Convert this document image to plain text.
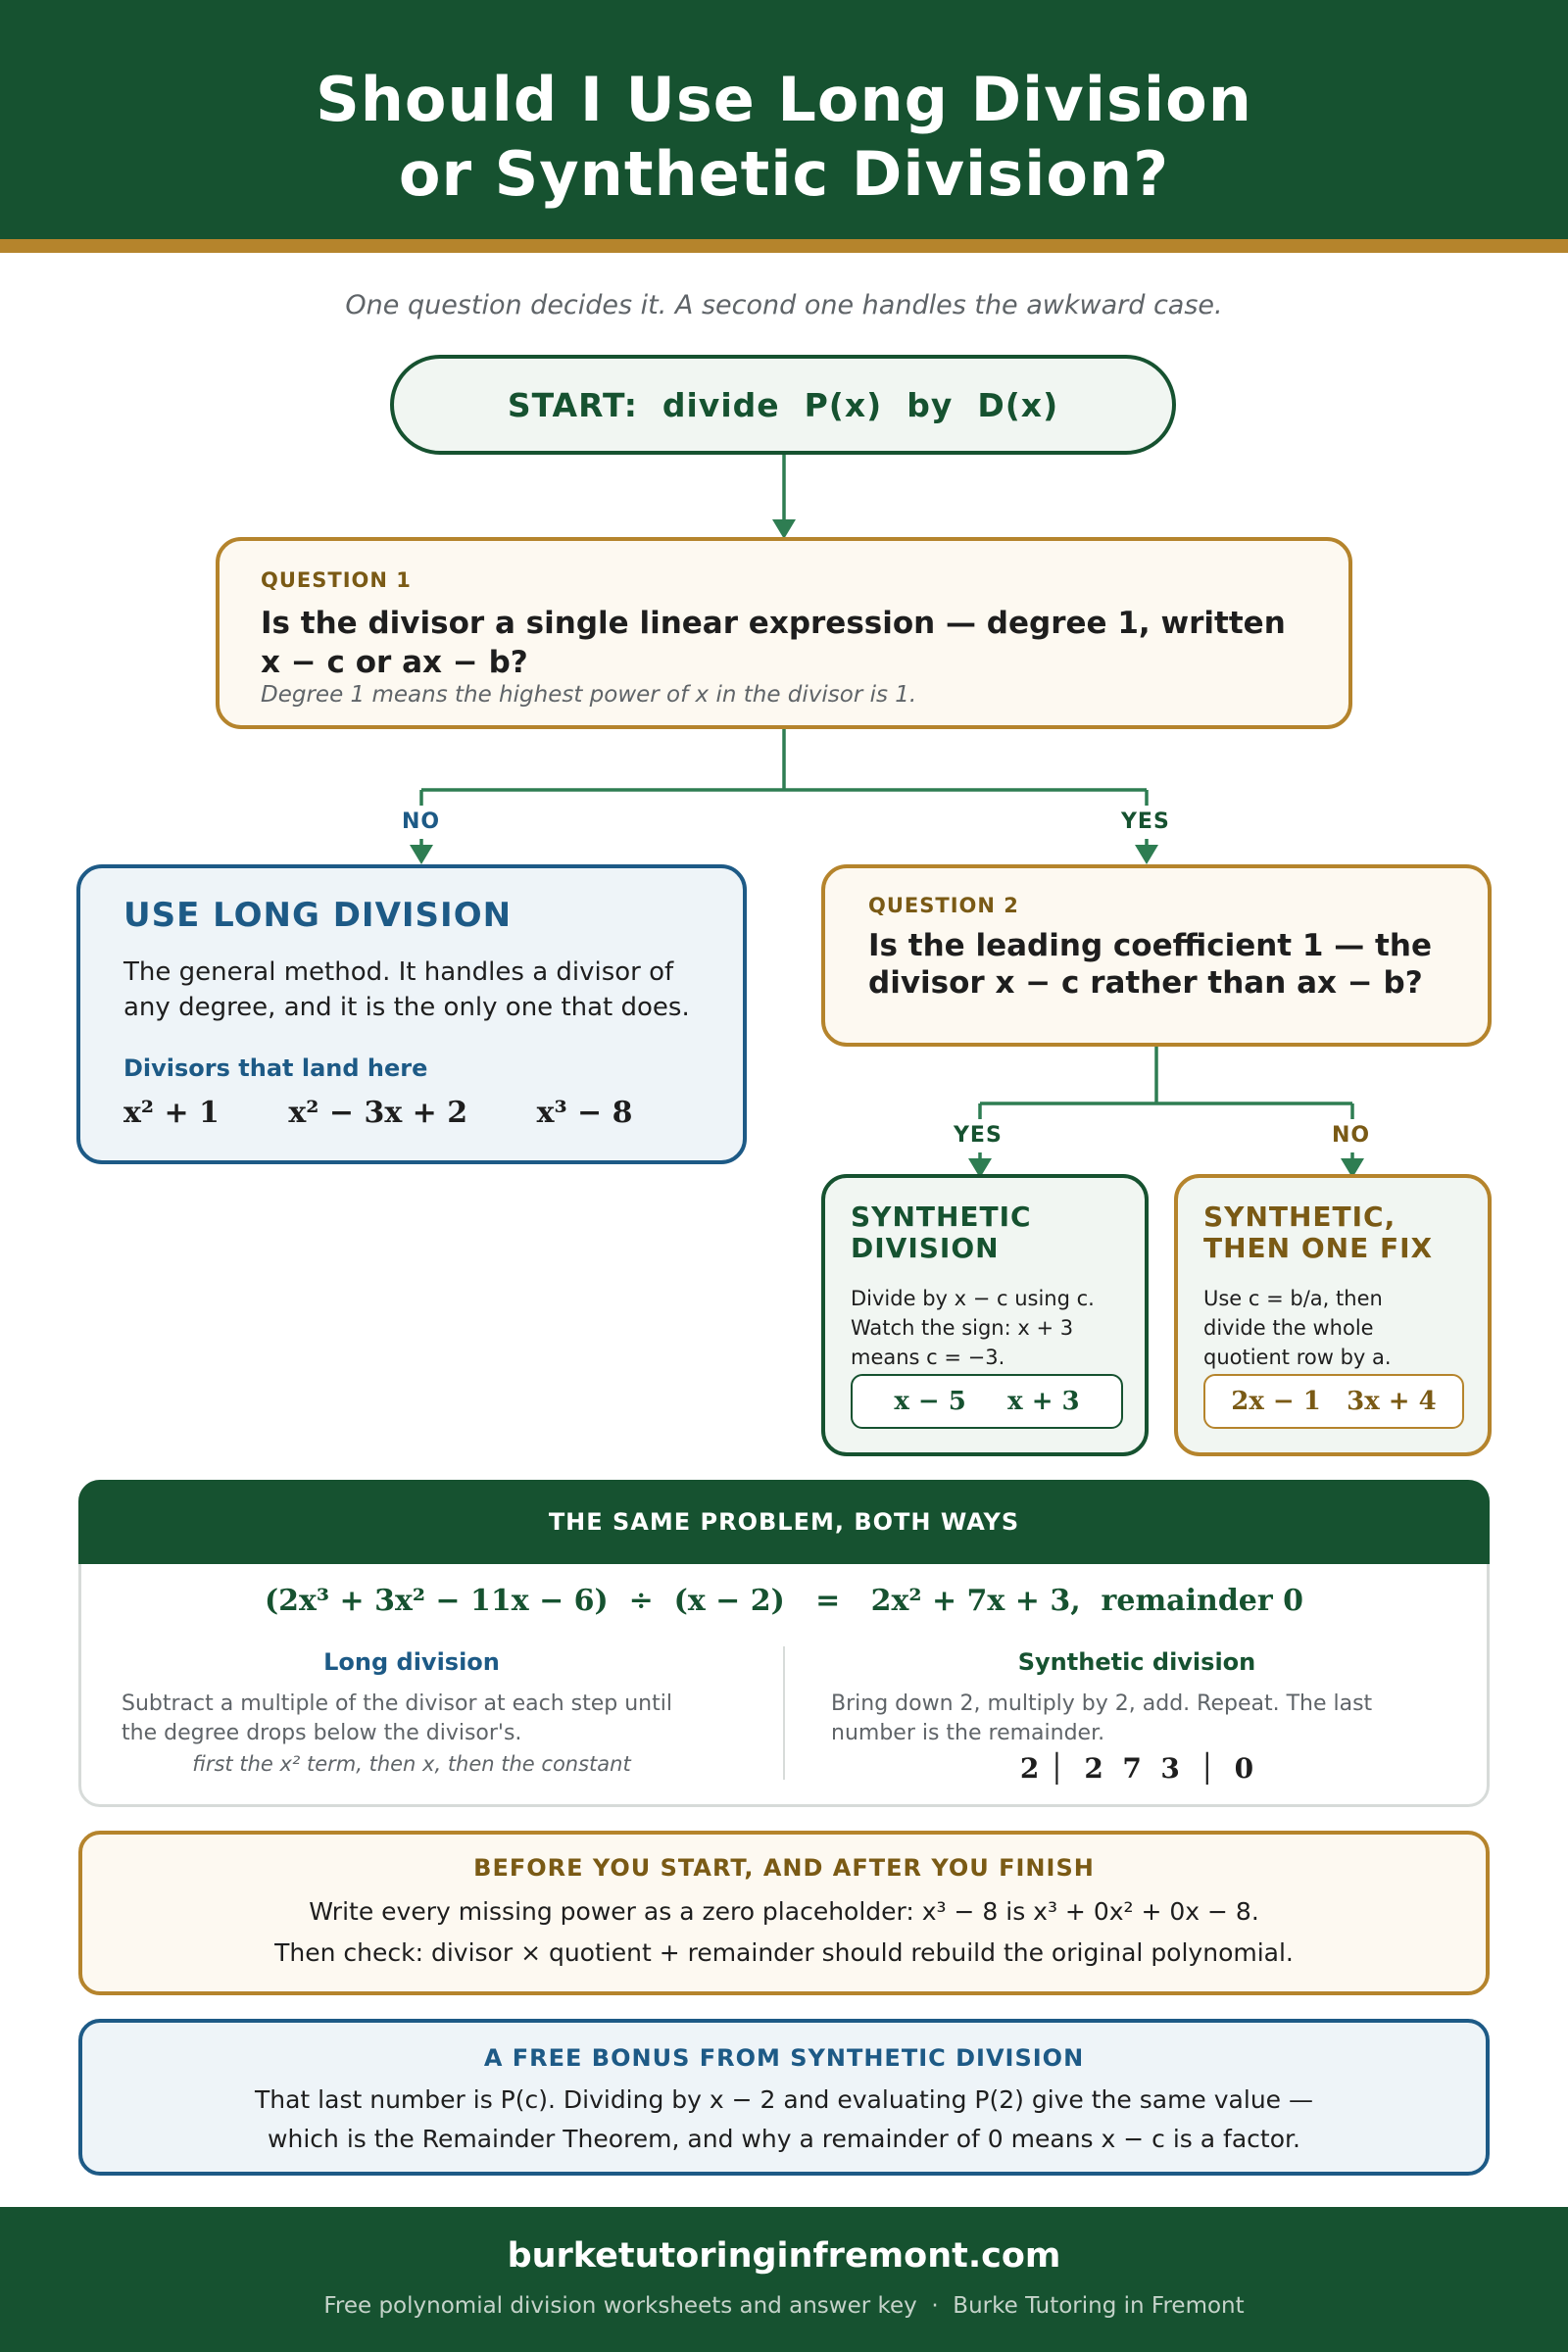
Should I Use Long Division
or Synthetic Division?
One question decides it. A second one handles the awkward case.
START:  divide  P(x)  by  D(x)
QUESTION 1
Is the divisor a single linear expression — degree 1, written
x − c or ax − b?
Degree 1 means the highest power of x in the divisor is 1.
NO	YES
USE LONG DIVISION
The general method. It handles a divisor of
any degree, and it is the only one that does.
Divisors that land here
x² + 1 x² − 3x + 2 x³ − 8
QUESTION 2
Is the leading coefficient 1 — the
divisor x − c rather than ax − b?
YES	NO
SYNTHETIC
DIVISION
Divide by x − c using c.
Watch the sign: x + 3
means c = −3.
x − 5 x + 3
SYNTHETIC,
THEN ONE FIX
Use c = b/a, then
divide the whole
quotient row by a.
2x − 1 3x + 4
THE SAME PROBLEM, BOTH WAYS
(2x³ + 3x² − 11x − 6)  ÷  (x − 2)   =   2x² + 7x + 3,  remainder 0
Long division
Subtract a multiple of the divisor at each step until
the degree drops below the divisor's.
first the x² term, then x, then the constant
Synthetic division
Bring down 2, multiply by 2, add. Repeat. The last
number is the remainder.
2 │  2  7  3  │  0
BEFORE YOU START, AND AFTER YOU FINISH
Write every missing power as a zero placeholder: x³ − 8 is x³ + 0x² + 0x − 8.
Then check: divisor × quotient + remainder should rebuild the original polynomial.
A FREE BONUS FROM SYNTHETIC DIVISION
That last number is P(c). Dividing by x − 2 and evaluating P(2) give the same value —
which is the Remainder Theorem, and why a remainder of 0 means x − c is a factor.
burketutoringinfremont.com
Free polynomial division worksheets and answer key  ·  Burke Tutoring in Fremont
